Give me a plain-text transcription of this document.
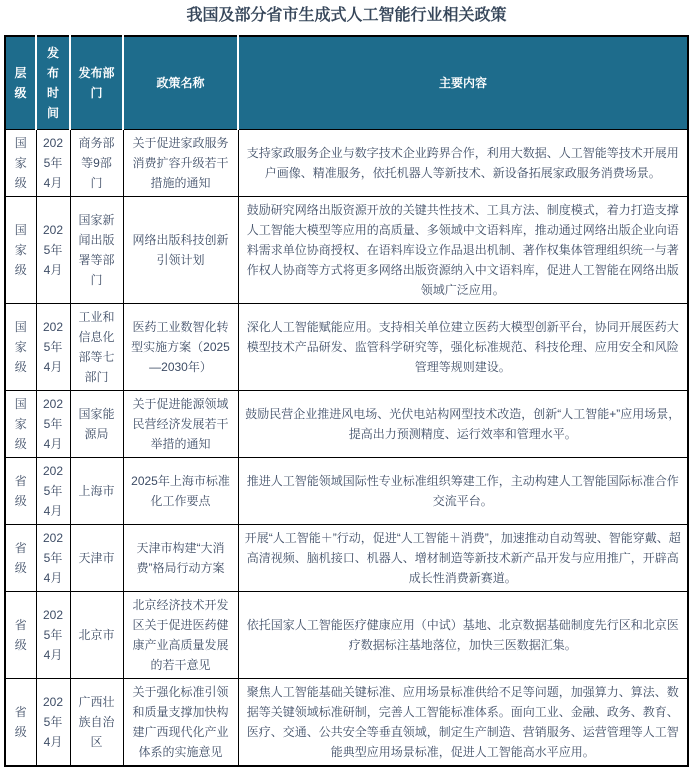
我国及部分省市生成式人工智能行业相关政策
层级	发布时间	发布部门	政策名称	主要内容
国家级	2025年4月	商务部等9部门	关于促进家政服务消费扩容升级若干措施的通知	支持家政服务企业与数字技术企业跨界合作，利用大数据、人工智能等技术开展用户画像、精准服务，依托机器人等新技术、新设备拓展家政服务消费场景。
国家级	2025年4月	国家新闻出版署等部门	网络出版科技创新引领计划	鼓励研究网络出版资源开放的关键共性技术、工具方法、制度模式，着力打造支撑人工智能大模型等应用的高质量、多领域中文语料库，推动通过网络出版企业向语料需求单位协商授权、在语料库设立作品退出机制、著作权集体管理组织统一与著作权人协商等方式将更多网络出版资源纳入中文语料库，促进人工智能在网络出版领域广泛应用。
国家级	2025年4月	工业和信息化部等七部门	医药工业数智化转型实施方案（2025—2030年）	深化人工智能赋能应用。支持相关单位建立医药大模型创新平台，协同开展医药大模型技术产品研发、监管科学研究等，强化标准规范、科技伦理、应用安全和风险管理等规则建设。
国家级	2025年4月	国家能源局	关于促进能源领域民营经济发展若干举措的通知	鼓励民营企业推进风电场、光伏电站构网型技术改造，创新“人工智能+”应用场景，提高出力预测精度、运行效率和管理水平。
省级	2025年4月	上海市	2025年上海市标准化工作要点	推进人工智能领域国际性专业标准组织筹建工作，主动构建人工智能国际标准合作交流平台。
省级	2025年4月	天津市	天津市构建“大消费”格局行动方案	开展“人工智能＋”行动，促进“人工智能＋消费”，加速推动自动驾驶、智能穿戴、超高清视频、脑机接口、机器人、增材制造等新技术新产品开发与应用推广，开辟高成长性消费新赛道。
省级	2025年4月	北京市	北京经济技术开发区关于促进医药健康产业高质量发展的若干意见	依托国家人工智能医疗健康应用（中试）基地、北京数据基础制度先行区和北京医疗数据标注基地落位，加快三医数据汇集。
省级	2025年4月	广西壮族自治区	关于强化标准引领和质量支撑加快构建广西现代化产业体系的实施意见	聚焦人工智能基础关键标准、应用场景标准供给不足等问题，加强算力、算法、数据等关键领域标准研制，完善人工智能标准体系。面向工业、金融、政务、教育、医疗、交通、公共安全等垂直领域，制定生产制造、营销服务、运营管理等人工智能典型应用场景标准，促进人工智能高水平应用。
